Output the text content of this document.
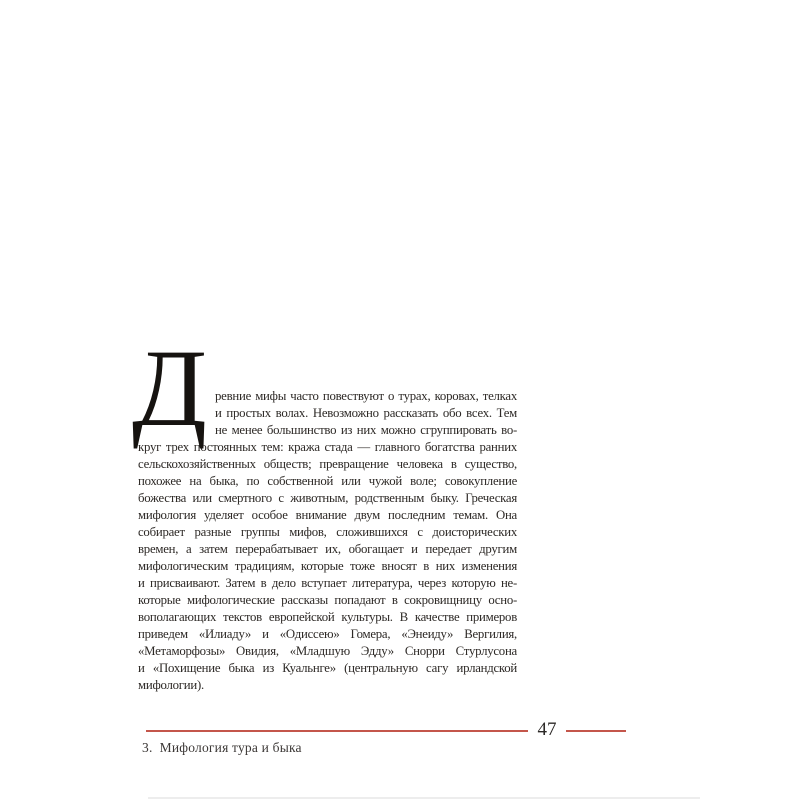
Д ревние мифы часто повествуют о турах, коровах, телках
и простых волах. Невозможно рассказать обо всех. Тем
не менее большинство из них можно сгруппировать во-
круг трех постоянных тем: кража стада — главного богатства ранних
сельскохозяйственных обществ; превращение человека в существо,
похожее на быка, по собственной или чужой воле; совокупление
божества или смертного с животным, родственным быку. Греческая
мифология уделяет особое внимание двум последним темам. Она
собирает разные группы мифов, сложившихся с доисторических
времен, а затем перерабатывает их, обогащает и передает другим
мифологическим традициям, которые тоже вносят в них изменения
и присваивают. Затем в дело вступает литература, через которую не-
которые мифологические рассказы попадают в сокровищницу осно-
вополагающих текстов европейской культуры. В качестве примеров
приведем «Илиаду» и «Одиссею» Гомера, «Энеиду» Вергилия,
«Метаморфозы» Овидия, «Младшую Эдду» Снорри Стурлусона
и «Похищение быка из Куальнге» (центральную сагу ирландской
мифологии).
47
3.  Мифология тура и быка
